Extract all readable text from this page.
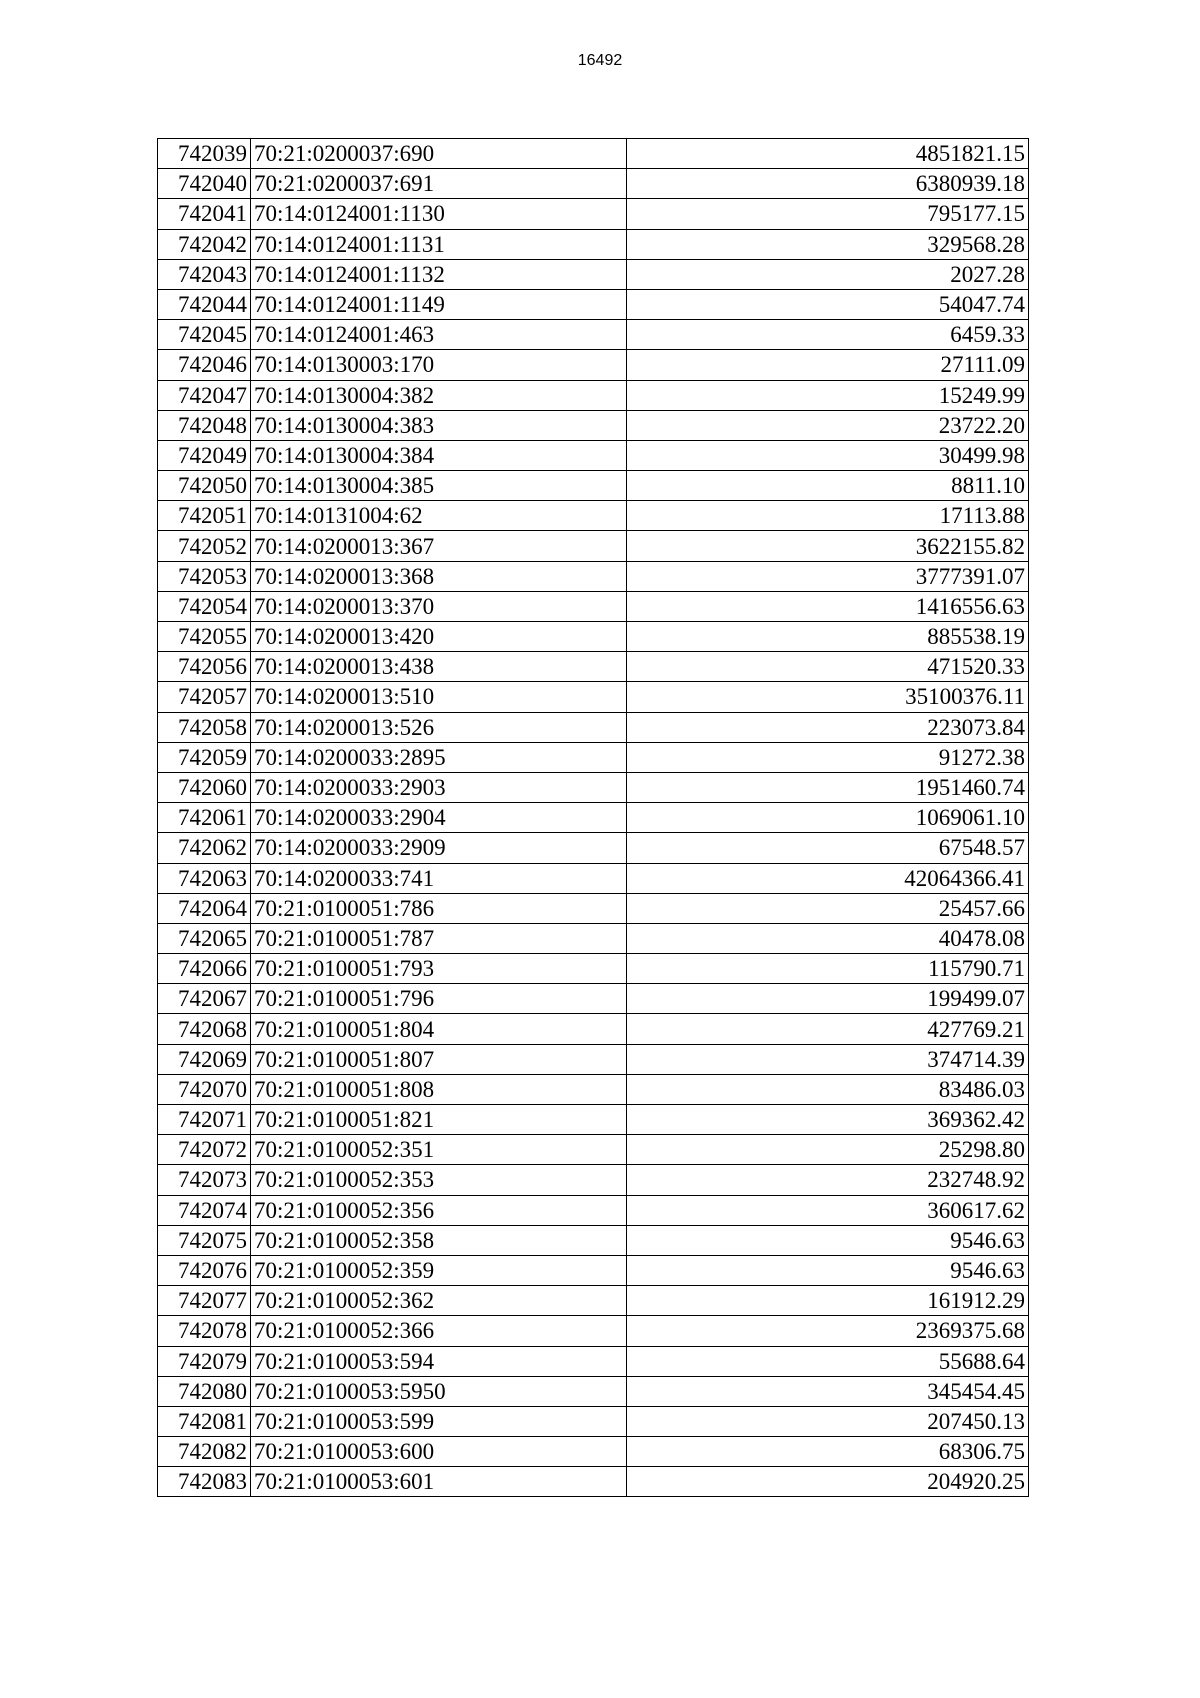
16492
742039	70:21:0200037:690	4851821.15
742040	70:21:0200037:691	6380939.18
742041	70:14:0124001:1130	795177.15
742042	70:14:0124001:1131	329568.28
742043	70:14:0124001:1132	2027.28
742044	70:14:0124001:1149	54047.74
742045	70:14:0124001:463	6459.33
742046	70:14:0130003:170	27111.09
742047	70:14:0130004:382	15249.99
742048	70:14:0130004:383	23722.20
742049	70:14:0130004:384	30499.98
742050	70:14:0130004:385	8811.10
742051	70:14:0131004:62	17113.88
742052	70:14:0200013:367	3622155.82
742053	70:14:0200013:368	3777391.07
742054	70:14:0200013:370	1416556.63
742055	70:14:0200013:420	885538.19
742056	70:14:0200013:438	471520.33
742057	70:14:0200013:510	35100376.11
742058	70:14:0200013:526	223073.84
742059	70:14:0200033:2895	91272.38
742060	70:14:0200033:2903	1951460.74
742061	70:14:0200033:2904	1069061.10
742062	70:14:0200033:2909	67548.57
742063	70:14:0200033:741	42064366.41
742064	70:21:0100051:786	25457.66
742065	70:21:0100051:787	40478.08
742066	70:21:0100051:793	115790.71
742067	70:21:0100051:796	199499.07
742068	70:21:0100051:804	427769.21
742069	70:21:0100051:807	374714.39
742070	70:21:0100051:808	83486.03
742071	70:21:0100051:821	369362.42
742072	70:21:0100052:351	25298.80
742073	70:21:0100052:353	232748.92
742074	70:21:0100052:356	360617.62
742075	70:21:0100052:358	9546.63
742076	70:21:0100052:359	9546.63
742077	70:21:0100052:362	161912.29
742078	70:21:0100052:366	2369375.68
742079	70:21:0100053:594	55688.64
742080	70:21:0100053:5950	345454.45
742081	70:21:0100053:599	207450.13
742082	70:21:0100053:600	68306.75
742083	70:21:0100053:601	204920.25
